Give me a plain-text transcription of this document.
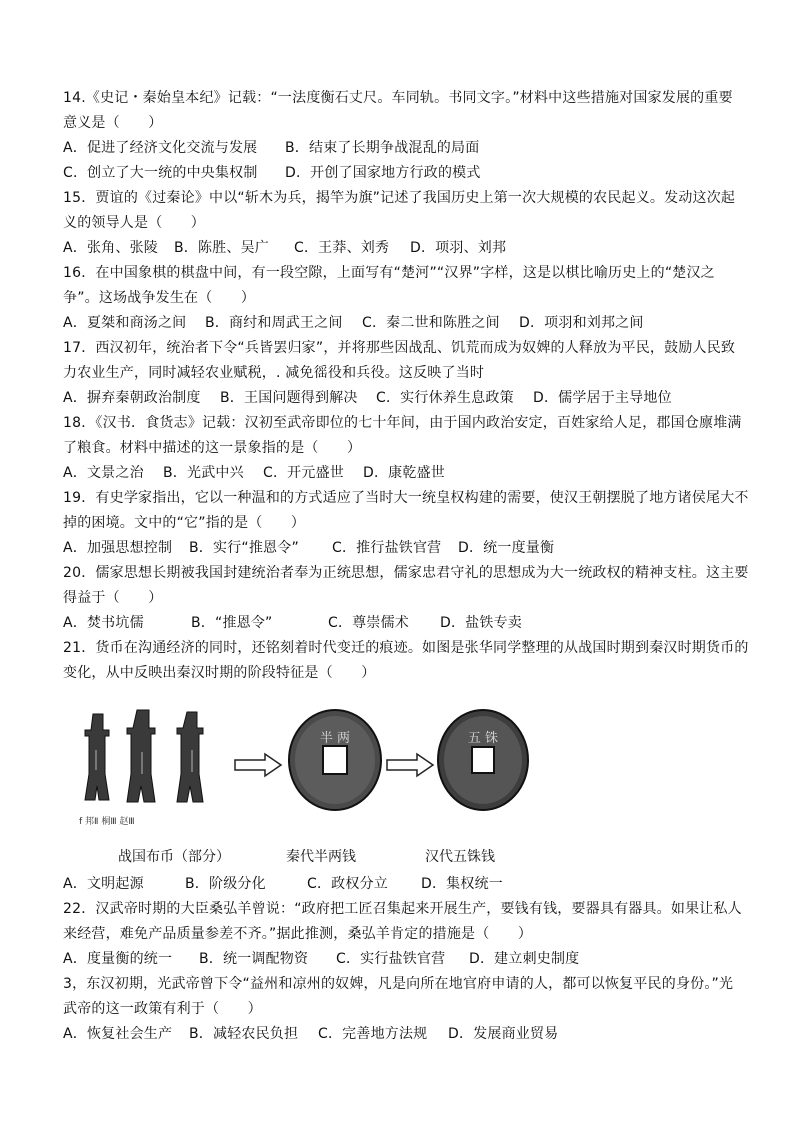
14.《史记・秦始皇本纪》记载：“一法度衡石丈尺。车同轨。书同文字。”材料中这些措施对国家发展的重要
意义是（　　）
A．促进了经济文化交流与发展	B．结束了长期争战混乱的局面
C．创立了大一统的中央集权制	D．开创了国家地方行政的模式
15．贾谊的《过秦论》中以“斩木为兵，揭竿为旗”记述了我国历史上第一次大规模的农民起义。发动这次起
义的领导人是（　　）
A．张角、张陵	B．陈胜、吴广	C．王莽、刘秀	D．项羽、刘邦
16．在中国象棋的棋盘中间，有一段空隙，上面写有“楚河”“汉界”字样，这是以棋比喻历史上的“楚汉之
争”。这场战争发生在（　　）
A．夏桀和商汤之间	B．商纣和周武王之间	C．秦二世和陈胜之间	D．项羽和刘邦之间
17．西汉初年，统治者下令“兵皆罢归家”，并将那些因战乱、饥荒而成为奴婢的人释放为平民，鼓励人民致
力农业生产，同时减轻农业赋税，. 减免徭役和兵役。这反映了当时
A．摒弃秦朝政治制度	B．王国问题得到解决	C．实行休养生息政策	D．儒学居于主导地位
18．《汉书．食货志》记载：汉初至武帝即位的七十年间，由于国内政治安定，百姓家给人足，郡国仓廪堆满
了粮食。材料中描述的这一景象指的是（　　）
A．文景之治	B．光武中兴	C．开元盛世	D．康乾盛世
19．有史学家指出，它以一种温和的方式适应了当时大一统皇权构建的需要，使汉王朝摆脱了地方诸侯尾大不
掉的困境。文中的“它”指的是（　　）
A．加强思想控制	B．实行“推恩令”	C．推行盐铁官营	D．统一度量衡
20．儒家思想长期被我国封建统治者奉为正统思想，儒家忠君守礼的思想成为大一统政权的精神支柱。这主要
得益于（　　）
A．焚书坑儒	B．“推恩令”	C．尊崇儒术	D．盐铁专卖
21．货币在沟通经济的同时，还铭刻着时代变迁的痕迹。如图是张华同学整理的从战国时期到秦汉时期货币的
变化，从中反映出秦汉时期的阶段特征是（　　）
f 邦Ⅱ 桐Ⅲ 赵Ⅲ
半 两	五 铢
战国布币（部分）	秦代半两钱	汉代五铢钱
A．文明起源	B．阶级分化	C．政权分立	D．集权统一
22．汉武帝时期的大臣桑弘羊曾说：“政府把工匠召集起来开展生产，要钱有钱，要器具有器具。如果让私人
来经营，难免产品质量参差不齐。”据此推测，桑弘羊肯定的措施是（　　）
A．度量衡的统一	B．统一调配物资	C．实行盐铁官营	D．建立刺史制度
3，东汉初期，光武帝曾下令“益州和凉州的奴婢，凡是向所在地官府申请的人，都可以恢复平民的身份。”光
武帝的这一政策有利于（　　）
A．恢复社会生产	B．减轻农民负担	C．完善地方法规	D．发展商业贸易
